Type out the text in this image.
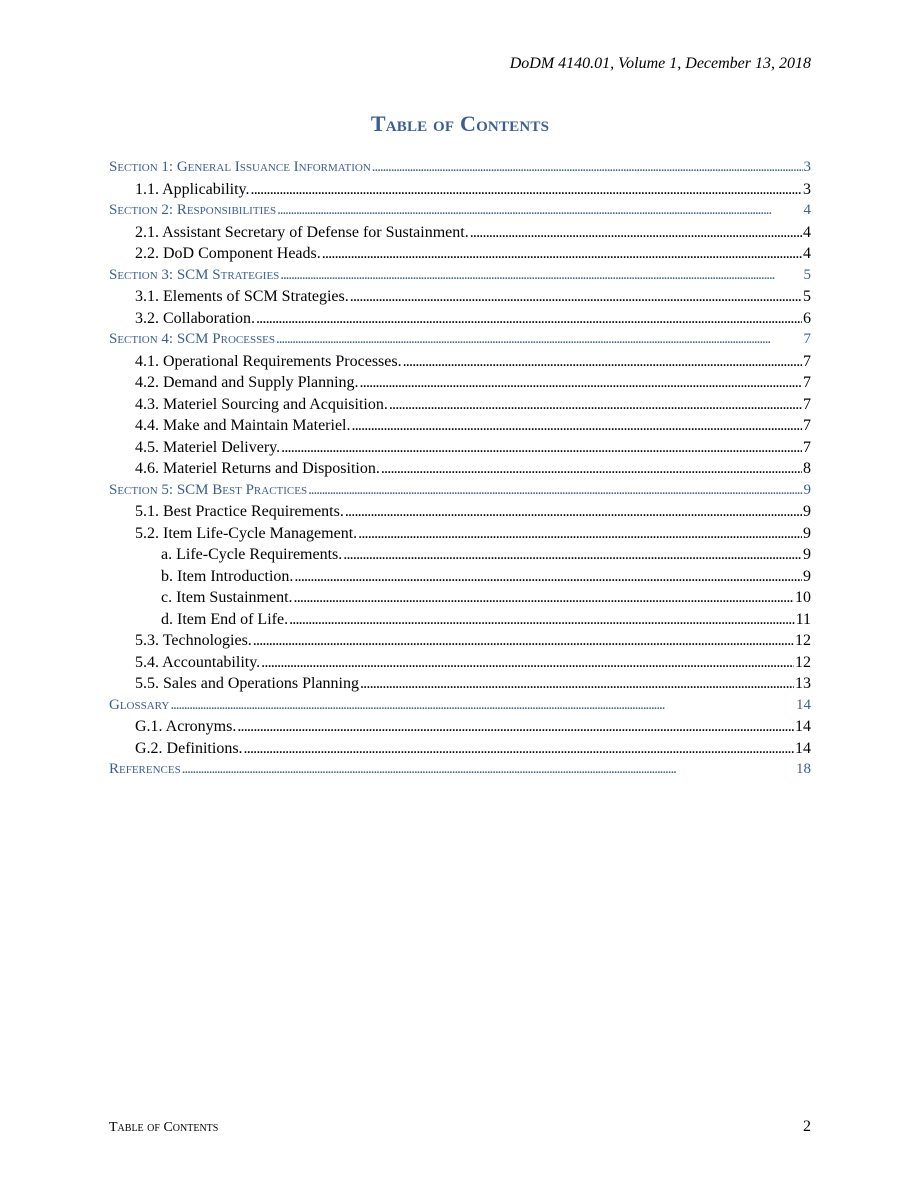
DoDM 4140.01, Volume 1, December 13, 2018
Table of Contents
Section 1: General Issuance Information . . .	3
1.1. Applicability. . . .	3
Section 2: Responsibilities . . .	4
2.1. Assistant Secretary of Defense for Sustainment. . . .	4
2.2. DoD Component Heads. . . .	4
Section 3: SCM Strategies . . .	5
3.1. Elements of SCM Strategies. . . .	5
3.2. Collaboration. . . .	6
Section 4: SCM Processes . . .	7
4.1. Operational Requirements Processes. . . .	7
4.2. Demand and Supply Planning. . . .	7
4.3. Materiel Sourcing and Acquisition. . . .	7
4.4. Make and Maintain Materiel. . . .	7
4.5. Materiel Delivery. . . .	7
4.6. Materiel Returns and Disposition. . . .	8
Section 5: SCM Best Practices . . .	9
5.1. Best Practice Requirements. . . .	9
5.2. Item Life-Cycle Management. . . .	9
a. Life-Cycle Requirements. . . .	9
b. Item Introduction. . . .	9
c. Item Sustainment. . . .	10
d. Item End of Life. . . .	11
5.3. Technologies. . . .	12
5.4. Accountability. . . .	12
5.5. Sales and Operations Planning . . .	13
Glossary . . .	14
G.1. Acronyms. . . .	14
G.2. Definitions. . . .	14
References . . .	18
Table of Contents	2
